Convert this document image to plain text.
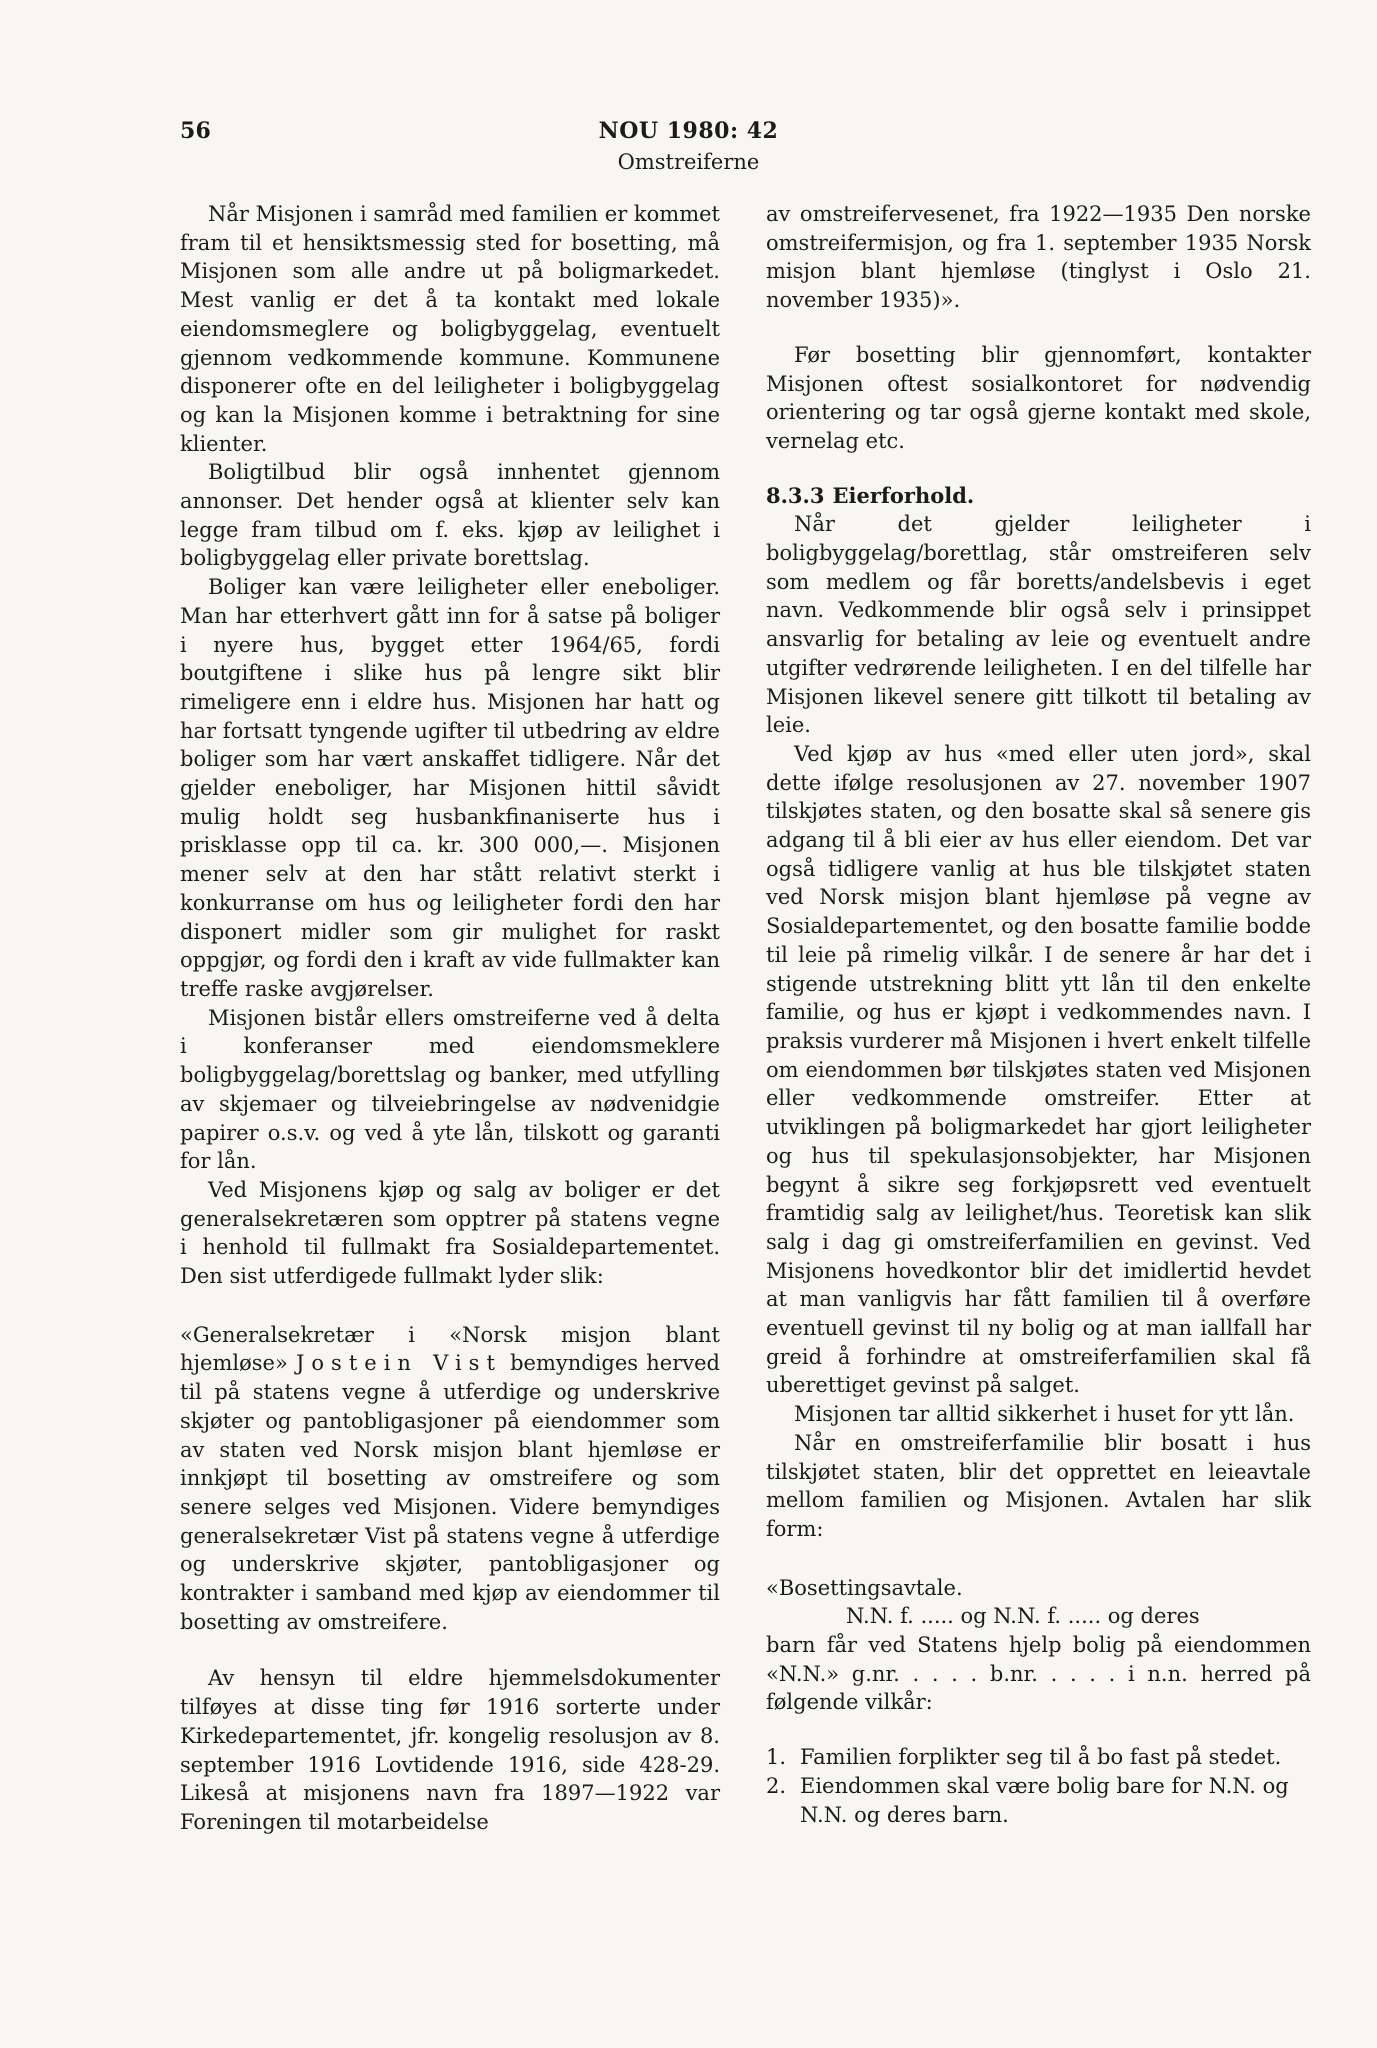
56	NOU 1980: 42
Omstreiferne

Når Misjonen i samråd med familien er kommet fram til et hensiktsmessig sted for bosetting, må Misjonen som alle andre ut på boligmarkedet. Mest vanlig er det å ta kontakt med lokale eiendomsmeglere og boligbyggelag, eventuelt gjennom vedkommende kommune. Kommunene disponerer ofte en del leiligheter i boligbyggelag og kan la Misjonen komme i betraktning for sine klienter.

Boligtilbud blir også innhentet gjennom annonser. Det hender også at klienter selv kan legge fram tilbud om f. eks. kjøp av leilighet i boligbyggelag eller private borettslag.

Boliger kan være leiligheter eller eneboliger. Man har etterhvert gått inn for å satse på boliger i nyere hus, bygget etter 1964/65, fordi boutgiftene i slike hus på lengre sikt blir rimeligere enn i eldre hus. Misjonen har hatt og har fortsatt tyngende ugifter til utbedring av eldre boliger som har vært anskaffet tidligere. Når det gjelder eneboliger, har Misjonen hittil såvidt mulig holdt seg husbankfinaniserte hus i prisklasse opp til ca. kr. 300 000,—. Misjonen mener selv at den har stått relativt sterkt i konkurranse om hus og leiligheter fordi den har disponert midler som gir mulighet for raskt oppgjør, og fordi den i kraft av vide fullmakter kan treffe raske avgjørelser.

Misjonen bistår ellers omstreiferne ved å delta i konferanser med eiendomsmeklere boligbyggelag/borettslag og banker, med utfylling av skjemaer og tilveiebringelse av nødvenidgie papirer o.s.v. og ved å yte lån, tilskott og garanti for lån.

Ved Misjonens kjøp og salg av boliger er det generalsekretæren som opptrer på statens vegne i henhold til fullmakt fra Sosialdepartementet. Den sist utferdigede fullmakt lyder slik:

«Generalsekretær i «Norsk misjon blant hjemløse» Jostein Vist bemyndiges herved til på statens vegne å utferdige og underskrive skjøter og pantobligasjoner på eiendommer som av staten ved Norsk misjon blant hjemløse er innkjøpt til bosetting av omstreifere og som senere selges ved Misjonen. Videre bemyndiges generalsekretær Vist på statens vegne å utferdige og underskrive skjøter, pantobligasjoner og kontrakter i samband med kjøp av eiendommer til bosetting av omstreifere.

Av hensyn til eldre hjemmelsdokumenter tilføyes at disse ting før 1916 sorterte under Kirkedepartementet, jfr. kongelig resolusjon av 8. september 1916 Lovtidende 1916, side 428-29. Likeså at misjonens navn fra 1897—1922 var Foreningen til motarbeidelse

av omstreifervesenet, fra 1922—1935 Den norske omstreifermisjon, og fra 1. september 1935 Norsk misjon blant hjemløse (tinglyst i Oslo 21. november 1935)».

Før bosetting blir gjennomført, kontakter Misjonen oftest sosialkontoret for nødvendig orientering og tar også gjerne kontakt med skole, vernelag etc.

8.3.3 Eierforhold.

Når det gjelder leiligheter i boligbyggelag/borettlag, står omstreiferen selv som medlem og får boretts/andelsbevis i eget navn. Vedkommende blir også selv i prinsippet ansvarlig for betaling av leie og eventuelt andre utgifter vedrørende leiligheten. I en del tilfelle har Misjonen likevel senere gitt tilkott til betaling av leie.

Ved kjøp av hus «med eller uten jord», skal dette ifølge resolusjonen av 27. november 1907 tilskjøtes staten, og den bosatte skal så senere gis adgang til å bli eier av hus eller eiendom. Det var også tidligere vanlig at hus ble tilskjøtet staten ved Norsk misjon blant hjemløse på vegne av Sosialdepartementet, og den bosatte familie bodde til leie på rimelig vilkår. I de senere år har det i stigende utstrekning blitt ytt lån til den enkelte familie, og hus er kjøpt i vedkommendes navn. I praksis vurderer må Misjonen i hvert enkelt tilfelle om eiendommen bør tilskjøtes staten ved Misjonen eller vedkommende omstreifer. Etter at utviklingen på boligmarkedet har gjort leiligheter og hus til spekulasjonsobjekter, har Misjonen begynt å sikre seg forkjøpsrett ved eventuelt framtidig salg av leilighet/hus. Teoretisk kan slik salg i dag gi omstreiferfamilien en gevinst. Ved Misjonens hovedkontor blir det imidlertid hevdet at man vanligvis har fått familien til å overføre eventuell gevinst til ny bolig og at man iallfall har greid å forhindre at omstreiferfamilien skal få uberettiget gevinst på salget.

Misjonen tar alltid sikkerhet i huset for ytt lån.

Når en omstreiferfamilie blir bosatt i hus tilskjøtet staten, blir det opprettet en leieavtale mellom familien og Misjonen. Avtalen har slik form:

«Bosettingsavtale.

N.N. f. ..... og N.N. f. ..... og deres

barn får ved Statens hjelp bolig på eiendommen «N.N.» g.nr. . . . . b.nr. . . . . i n.n. herred på følgende vilkår:

1. Familien forplikter seg til å bo fast på stedet.
2. Eiendommen skal være bolig bare for N.N. og N.N. og deres barn.
